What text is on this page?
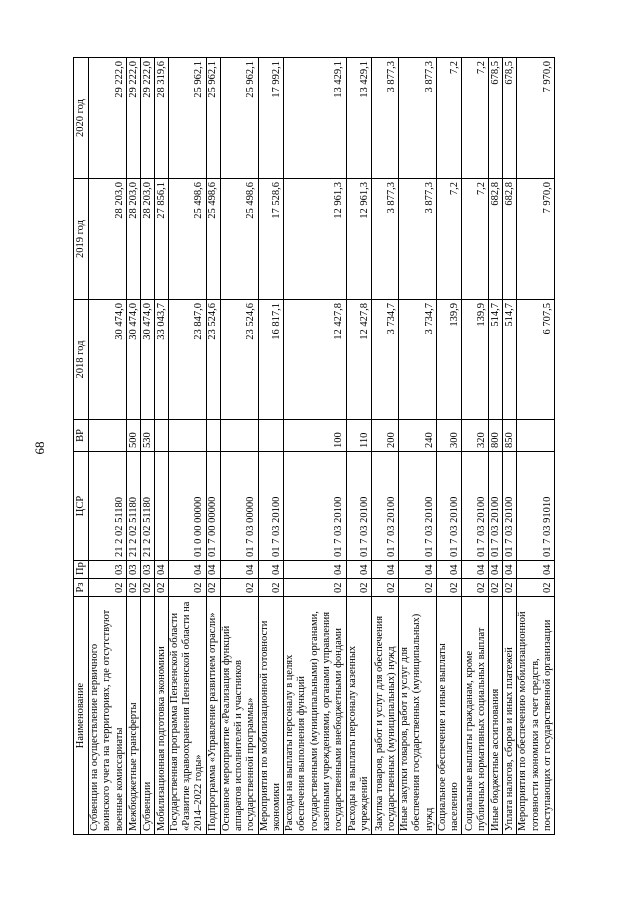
68
Наименование	Рз	Пр	ЦСР	ВР	2018 год	2019 год	2020 год
Субвенции на осуществление первичного воинского учета на территориях, где отсутствуют военные комиссариаты	02	03	21 2 02 51180		30 474,0	28 203,0	29 222,0
Межбюджетные трансферты	02	03	21 2 02 51180	500	30 474,0	28 203,0	29 222,0
Субвенции	02	03	21 2 02 51180	530	30 474,0	28 203,0	29 222,0
Мобилизационная подготовка экономики	02	04			33 043,7	27 856,1	28 319,6
Государственная программа Пензенской области «Развитие здравоохранения Пензенской области на 2014–2022 годы»	02	04	01 0 00 00000		23 847,0	25 498,6	25 962,1
Подпрограмма «Управление развитием отрасли»	02	04	01 7 00 00000		23 524,6	25 498,6	25 962,1
Основное мероприятие «Реализация функций аппаратов исполнителей и участников государственной программы»	02	04	01 7 03 00000		23 524,6	25 498,6	25 962,1
Мероприятия по мобилизационной готовности экономики	02	04	01 7 03 20100		16 817,1	17 528,6	17 992,1
Расходы на выплаты персоналу в целях обеспечения выполнения функций государственными (муниципальными) органами, казенными учреждениями, органами управления государственными внебюджетными фондами	02	04	01 7 03 20100	100	12 427,8	12 961,3	13 429,1
Расходы на выплаты персоналу казенных учреждений	02	04	01 7 03 20100	110	12 427,8	12 961,3	13 429,1
Закупка товаров, работ и услуг для обеспечения государственных (муниципальных) нужд	02	04	01 7 03 20100	200	3 734,7	3 877,3	3 877,3
Иные закупки товаров, работ и услуг для обеспечения государственных (муниципальных) нужд	02	04	01 7 03 20100	240	3 734,7	3 877,3	3 877,3
Социальное обеспечение и иные выплаты населению	02	04	01 7 03 20100	300	139,9	7,2	7,2
Социальные выплаты гражданам, кроме публичных нормативных социальных выплат	02	04	01 7 03 20100	320	139,9	7,2	7,2
Иные бюджетные ассигнования	02	04	01 7 03 20100	800	514,7	682,8	678,5
Уплата налогов, сборов и иных платежей	02	04	01 7 03 20100	850	514,7	682,8	678,5
Мероприятия по обеспечению мобилизационной готовности экономики за счет средств, поступающих от государственной организации	02	04	01 7 03 91010		6 707,5	7 970,0	7 970,0
